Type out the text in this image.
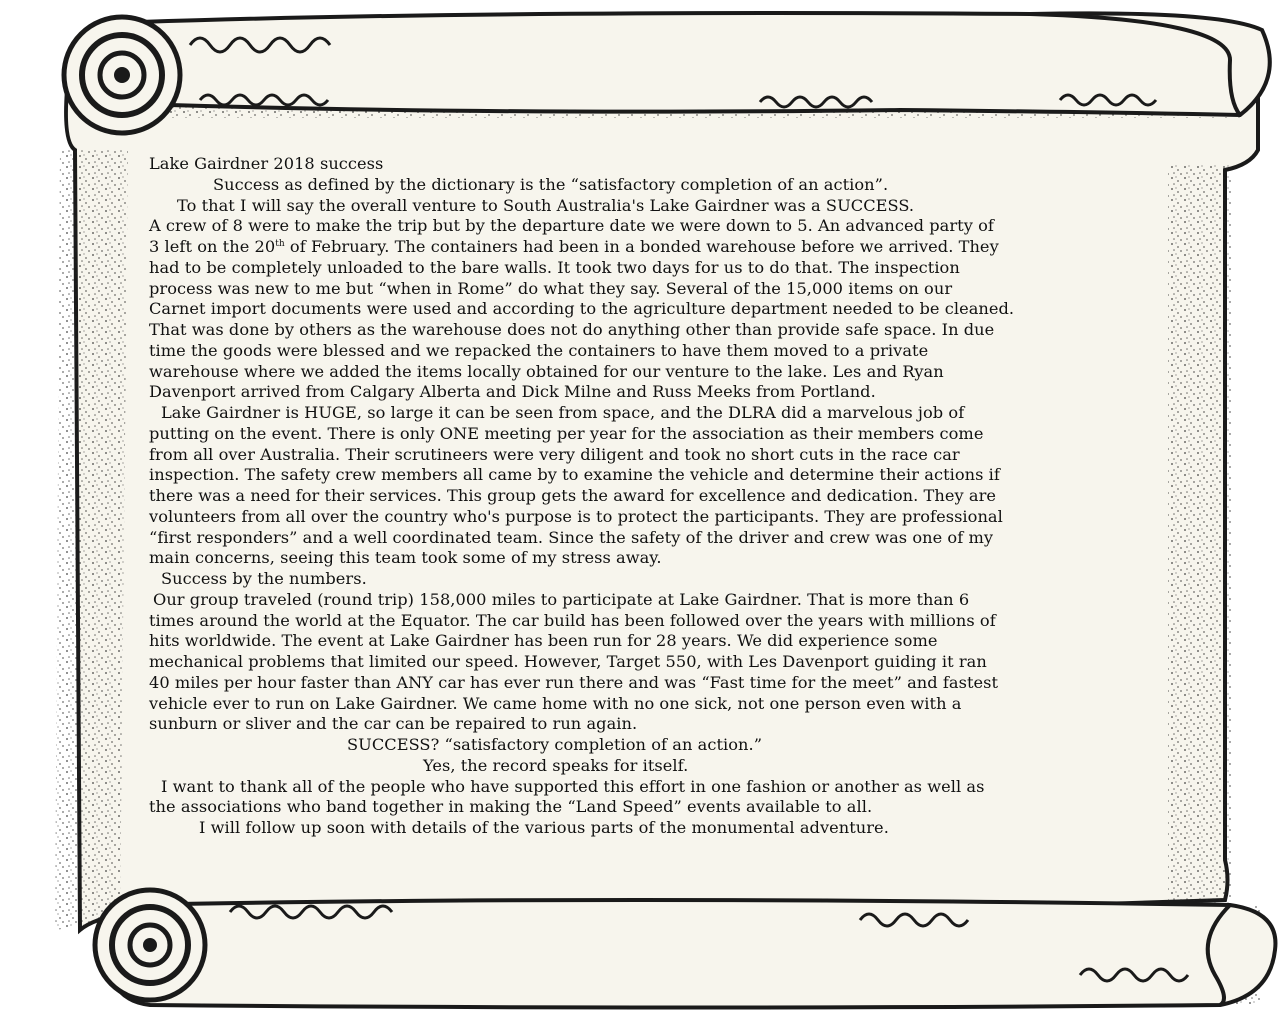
Lake Gairdner 2018 success
Success as defined by the dictionary is the “satisfactory completion of an action”.
To that I will say the overall venture to South Australia's Lake Gairdner was a SUCCESS.
A crew of 8 were to make the trip but by the departure date we were down to 5. An advanced party of
3 left on the 20th of February. The containers had been in a bonded warehouse before we arrived. They
had to be completely unloaded to the bare walls. It took two days for us to do that. The inspection
process was new to me but “when in Rome” do what they say. Several of the 15,000 items on our
Carnet import documents were used and according to the agriculture department needed to be cleaned.
That was done by others as the warehouse does not do anything other than provide safe space. In due
time the goods were blessed and we repacked the containers to have them moved to a private
warehouse where we added the items locally obtained for our venture to the lake. Les and Ryan
Davenport arrived from Calgary Alberta and Dick Milne and Russ Meeks from Portland.
Lake Gairdner is HUGE, so large it can be seen from space, and the DLRA did a marvelous job of
putting on the event. There is only ONE meeting per year for the association as their members come
from all over Australia. Their scrutineers were very diligent and took no short cuts in the race car
inspection. The safety crew members all came by to examine the vehicle and determine their actions if
there was a need for their services. This group gets the award for excellence and dedication. They are
volunteers from all over the country who's purpose is to protect the participants. They are professional
“first responders” and a well coordinated team. Since the safety of the driver and crew was one of my
main concerns, seeing this team took some of my stress away.
Success by the numbers.
Our group traveled (round trip) 158,000 miles to participate at Lake Gairdner. That is more than 6
times around the world at the Equator. The car build has been followed over the years with millions of
hits worldwide. The event at Lake Gairdner has been run for 28 years. We did experience some
mechanical problems that limited our speed. However, Target 550, with Les Davenport guiding it ran
40 miles per hour faster than ANY car has ever run there and was “Fast time for the meet” and fastest
vehicle ever to run on Lake Gairdner. We came home with no one sick, not one person even with a
sunburn or sliver and the car can be repaired to run again.
SUCCESS? “satisfactory completion of an action.”
Yes, the record speaks for itself.
I want to thank all of the people who have supported this effort in one fashion or another as well as
the associations who band together in making the “Land Speed” events available to all.
I will follow up soon with details of the various parts of the monumental adventure.
